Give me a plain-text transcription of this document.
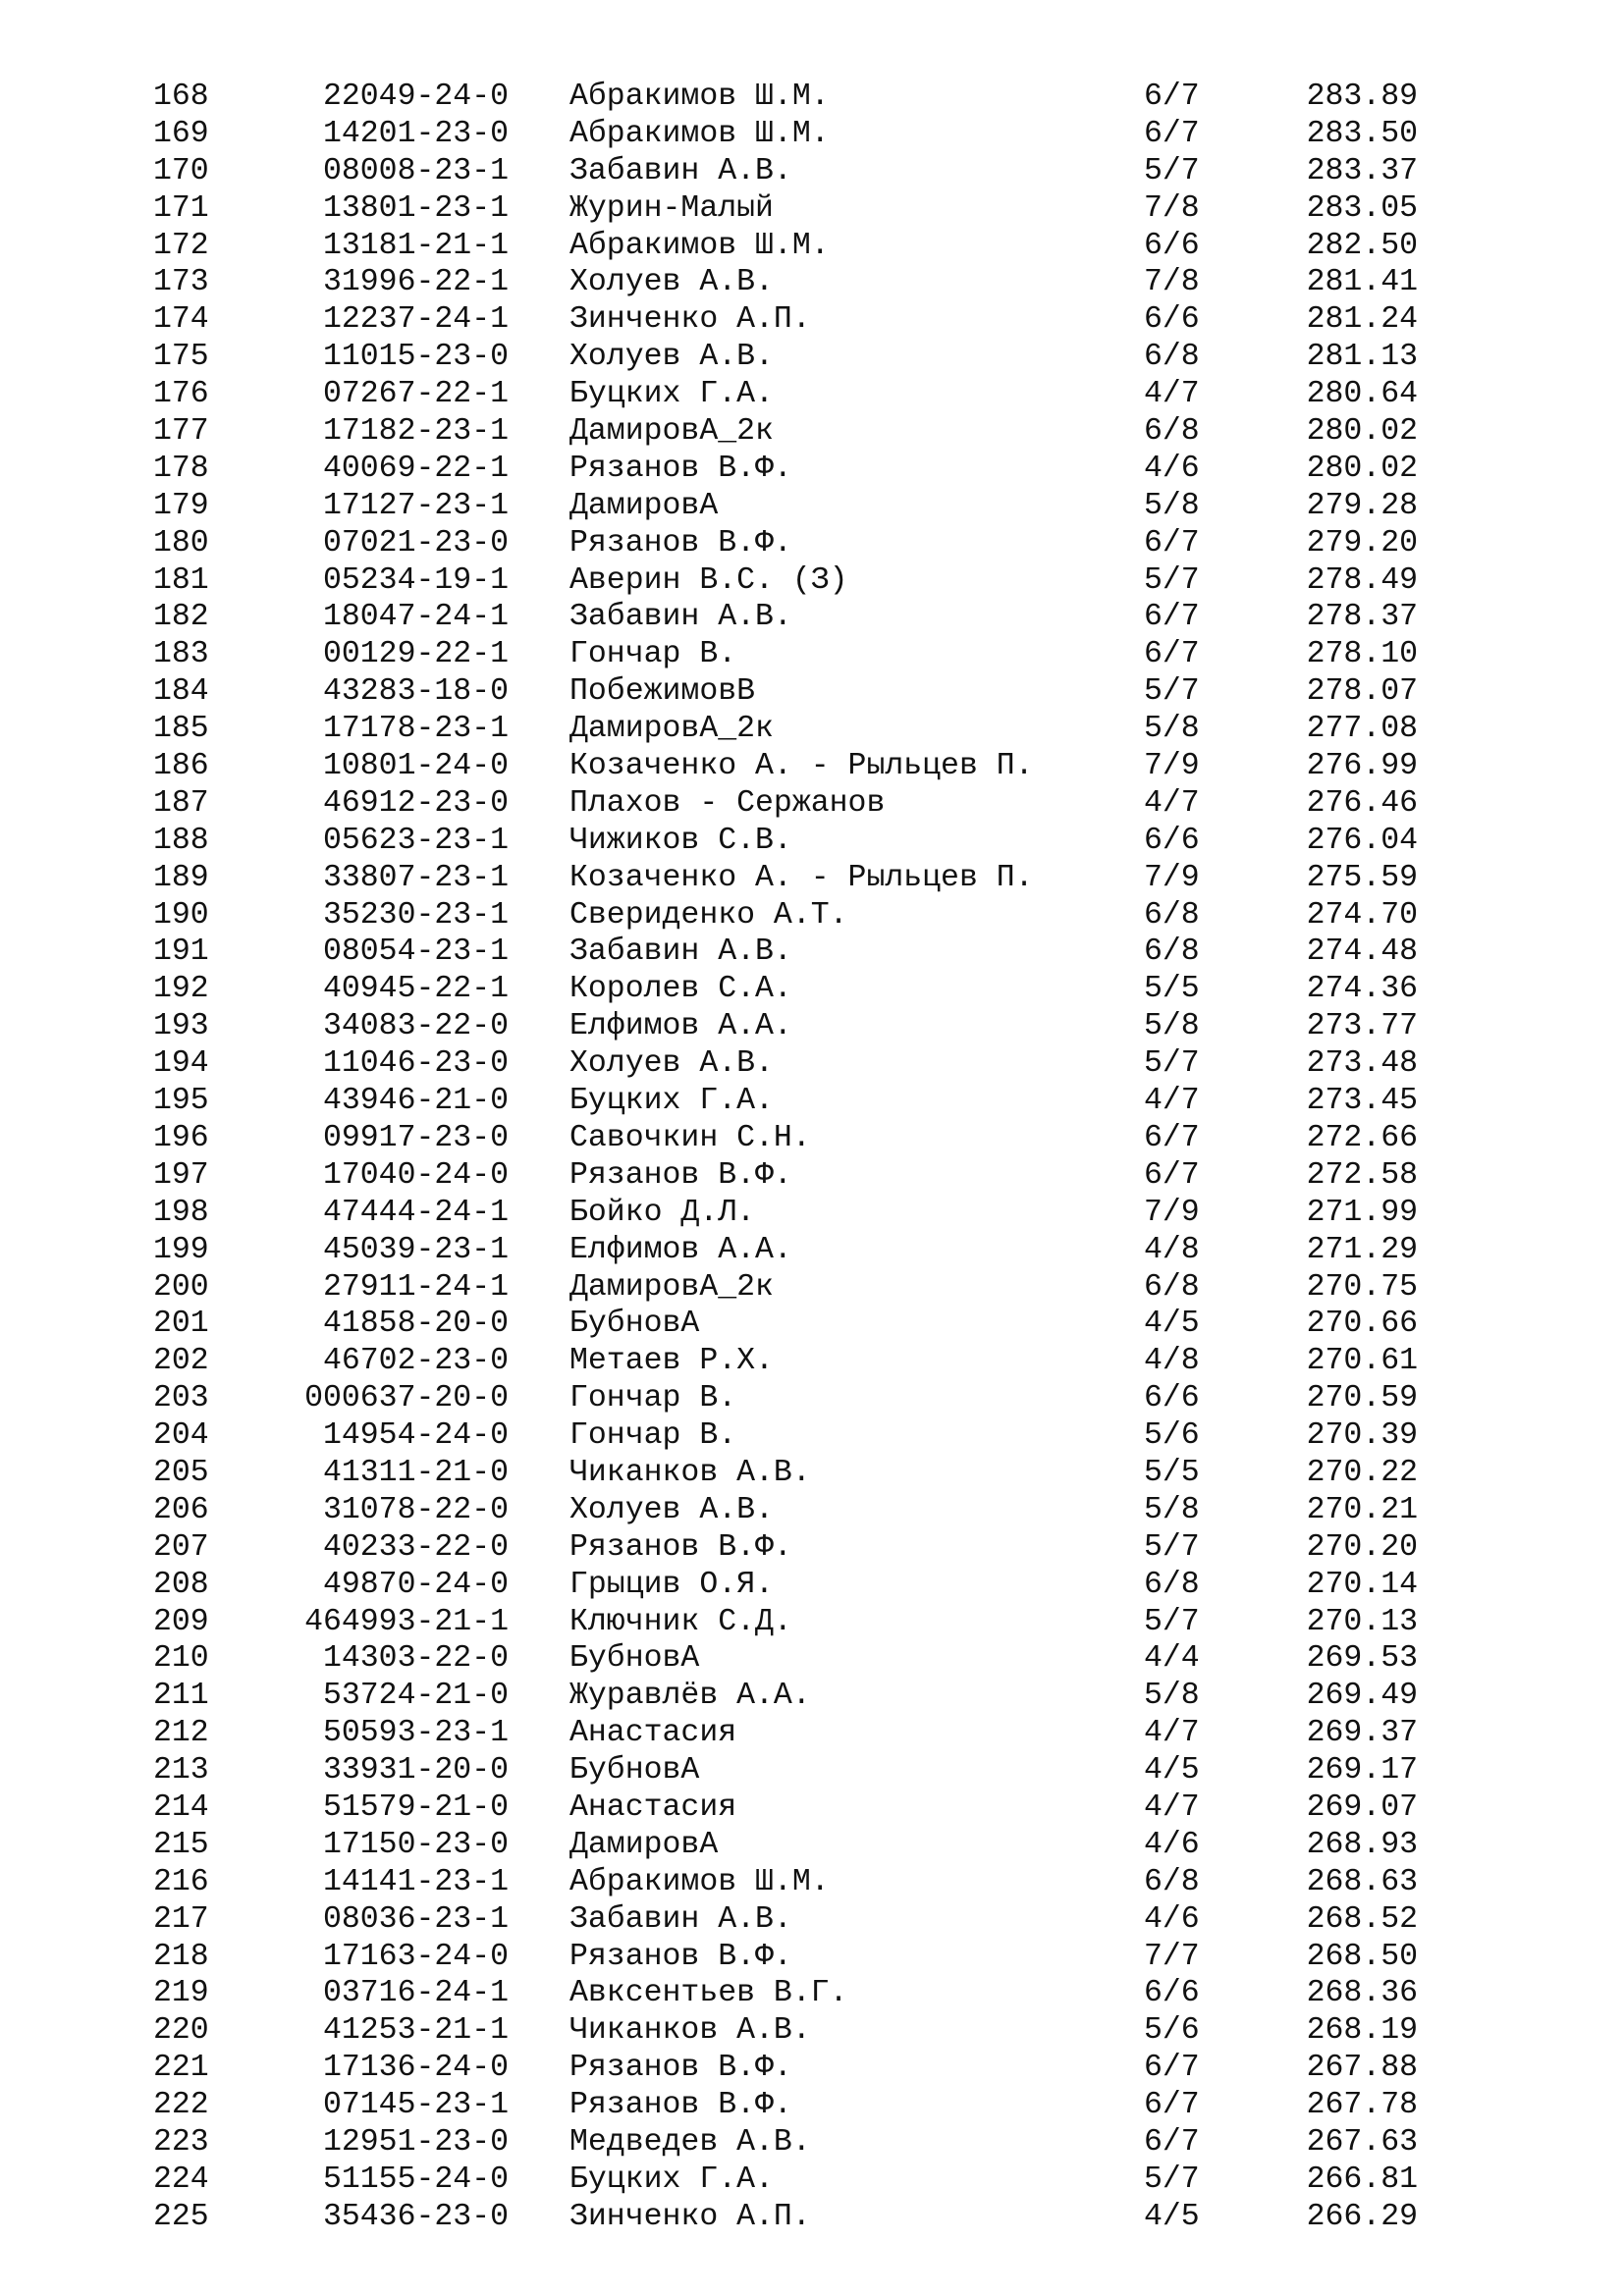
168	22049-24-0 Абракимов Ш.М.	6/7	283.89
169	14201-23-0 Абракимов Ш.М.	6/7	283.50
170	08008-23-1 Забавин А.В.	5/7	283.37
171	13801-23-1 Журин-Малый	7/8	283.05
172	13181-21-1 Абракимов Ш.М.	6/6	282.50
173	31996-22-1 Холуев А.В.	7/8	281.41
174	12237-24-1 Зинченко А.П.	6/6	281.24
175	11015-23-0 Холуев А.В.	6/8	281.13
176	07267-22-1 Буцких Г.А.	4/7	280.64
177	17182-23-1 ДамировА_2к	6/8	280.02
178	40069-22-1 Рязанов В.Ф.	4/6	280.02
179	17127-23-1 ДамировА	5/8	279.28
180	07021-23-0 Рязанов В.Ф.	6/7	279.20
181	05234-19-1 Аверин В.С. (З)	5/7	278.49
182	18047-24-1 Забавин А.В.	6/7	278.37
183	00129-22-1 Гончар В.	6/7	278.10
184	43283-18-0 ПобежимовВ	5/7	278.07
185	17178-23-1 ДамировА_2к	5/8	277.08
186	10801-24-0 Козаченко А. - Рыльцев П.	7/9	276.99
187	46912-23-0 Плахов - Сержанов	4/7	276.46
188	05623-23-1 Чижиков С.В.	6/6	276.04
189	33807-23-1 Козаченко А. - Рыльцев П.	7/9	275.59
190	35230-23-1 Свериденко А.Т.	6/8	274.70
191	08054-23-1 Забавин А.В.	6/8	274.48
192	40945-22-1 Королев С.А.	5/5	274.36
193	34083-22-0 Елфимов А.А.	5/8	273.77
194	11046-23-0 Холуев А.В.	5/7	273.48
195	43946-21-0 Буцких Г.А.	4/7	273.45
196	09917-23-0 Савочкин С.Н.	6/7	272.66
197	17040-24-0 Рязанов В.Ф.	6/7	272.58
198	47444-24-1 Бойко Д.Л.	7/9	271.99
199	45039-23-1 Елфимов А.А.	4/8	271.29
200	27911-24-1 ДамировА_2к	6/8	270.75
201	41858-20-0 БубновА	4/5	270.66
202	46702-23-0 Метаев Р.Х.	4/8	270.61
203	000637-20-0 Гончар В.	6/6	270.59
204	14954-24-0 Гончар В.	5/6	270.39
205	41311-21-0 Чиканков А.В.	5/5	270.22
206	31078-22-0 Холуев А.В.	5/8	270.21
207	40233-22-0 Рязанов В.Ф.	5/7	270.20
208	49870-24-0 Грыцив О.Я.	6/8	270.14
209	464993-21-1 Ключник С.Д.	5/7	270.13
210	14303-22-0 БубновА	4/4	269.53
211	53724-21-0 Журавлёв А.А.	5/8	269.49
212	50593-23-1 Анастасия	4/7	269.37
213	33931-20-0 БубновА	4/5	269.17
214	51579-21-0 Анастасия	4/7	269.07
215	17150-23-0 ДамировА	4/6	268.93
216	14141-23-1 Абракимов Ш.М.	6/8	268.63
217	08036-23-1 Забавин А.В.	4/6	268.52
218	17163-24-0 Рязанов В.Ф.	7/7	268.50
219	03716-24-1 Авксентьев В.Г.	6/6	268.36
220	41253-21-1 Чиканков А.В.	5/6	268.19
221	17136-24-0 Рязанов В.Ф.	6/7	267.88
222	07145-23-1 Рязанов В.Ф.	6/7	267.78
223	12951-23-0 Медведев А.В.	6/7	267.63
224	51155-24-0 Буцких Г.А.	5/7	266.81
225	35436-23-0 Зинченко А.П.	4/5	266.29
